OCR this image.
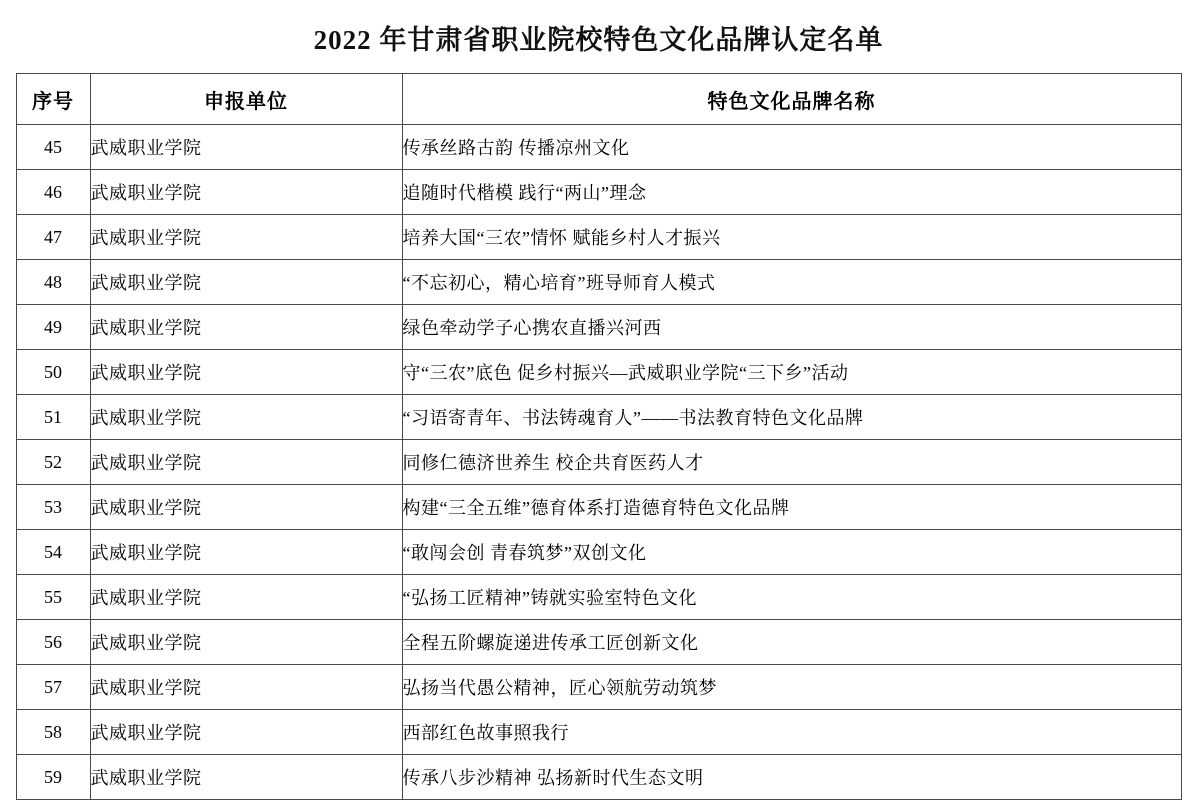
2022 年甘肃省职业院校特色文化品牌认定名单
序号	申报单位	特色文化品牌名称
45	武威职业学院	传承丝路古韵 传播凉州文化
46	武威职业学院	追随时代楷模 践行“两山”理念
47	武威职业学院	培养大国“三农”情怀 赋能乡村人才振兴
48	武威职业学院	“不忘初心，精心培育”班导师育人模式
49	武威职业学院	绿色牵动学子心携农直播兴河西
50	武威职业学院	守“三农”底色 促乡村振兴—武威职业学院“三下乡”活动
51	武威职业学院	“习语寄青年、书法铸魂育人”——书法教育特色文化品牌
52	武威职业学院	同修仁德济世养生 校企共育医药人才
53	武威职业学院	构建“三全五维”德育体系打造德育特色文化品牌
54	武威职业学院	“敢闯会创 青春筑梦”双创文化
55	武威职业学院	“弘扬工匠精神”铸就实验室特色文化
56	武威职业学院	全程五阶螺旋递进传承工匠创新文化
57	武威职业学院	弘扬当代愚公精神，匠心领航劳动筑梦
58	武威职业学院	西部红色故事照我行
59	武威职业学院	传承八步沙精神 弘扬新时代生态文明
